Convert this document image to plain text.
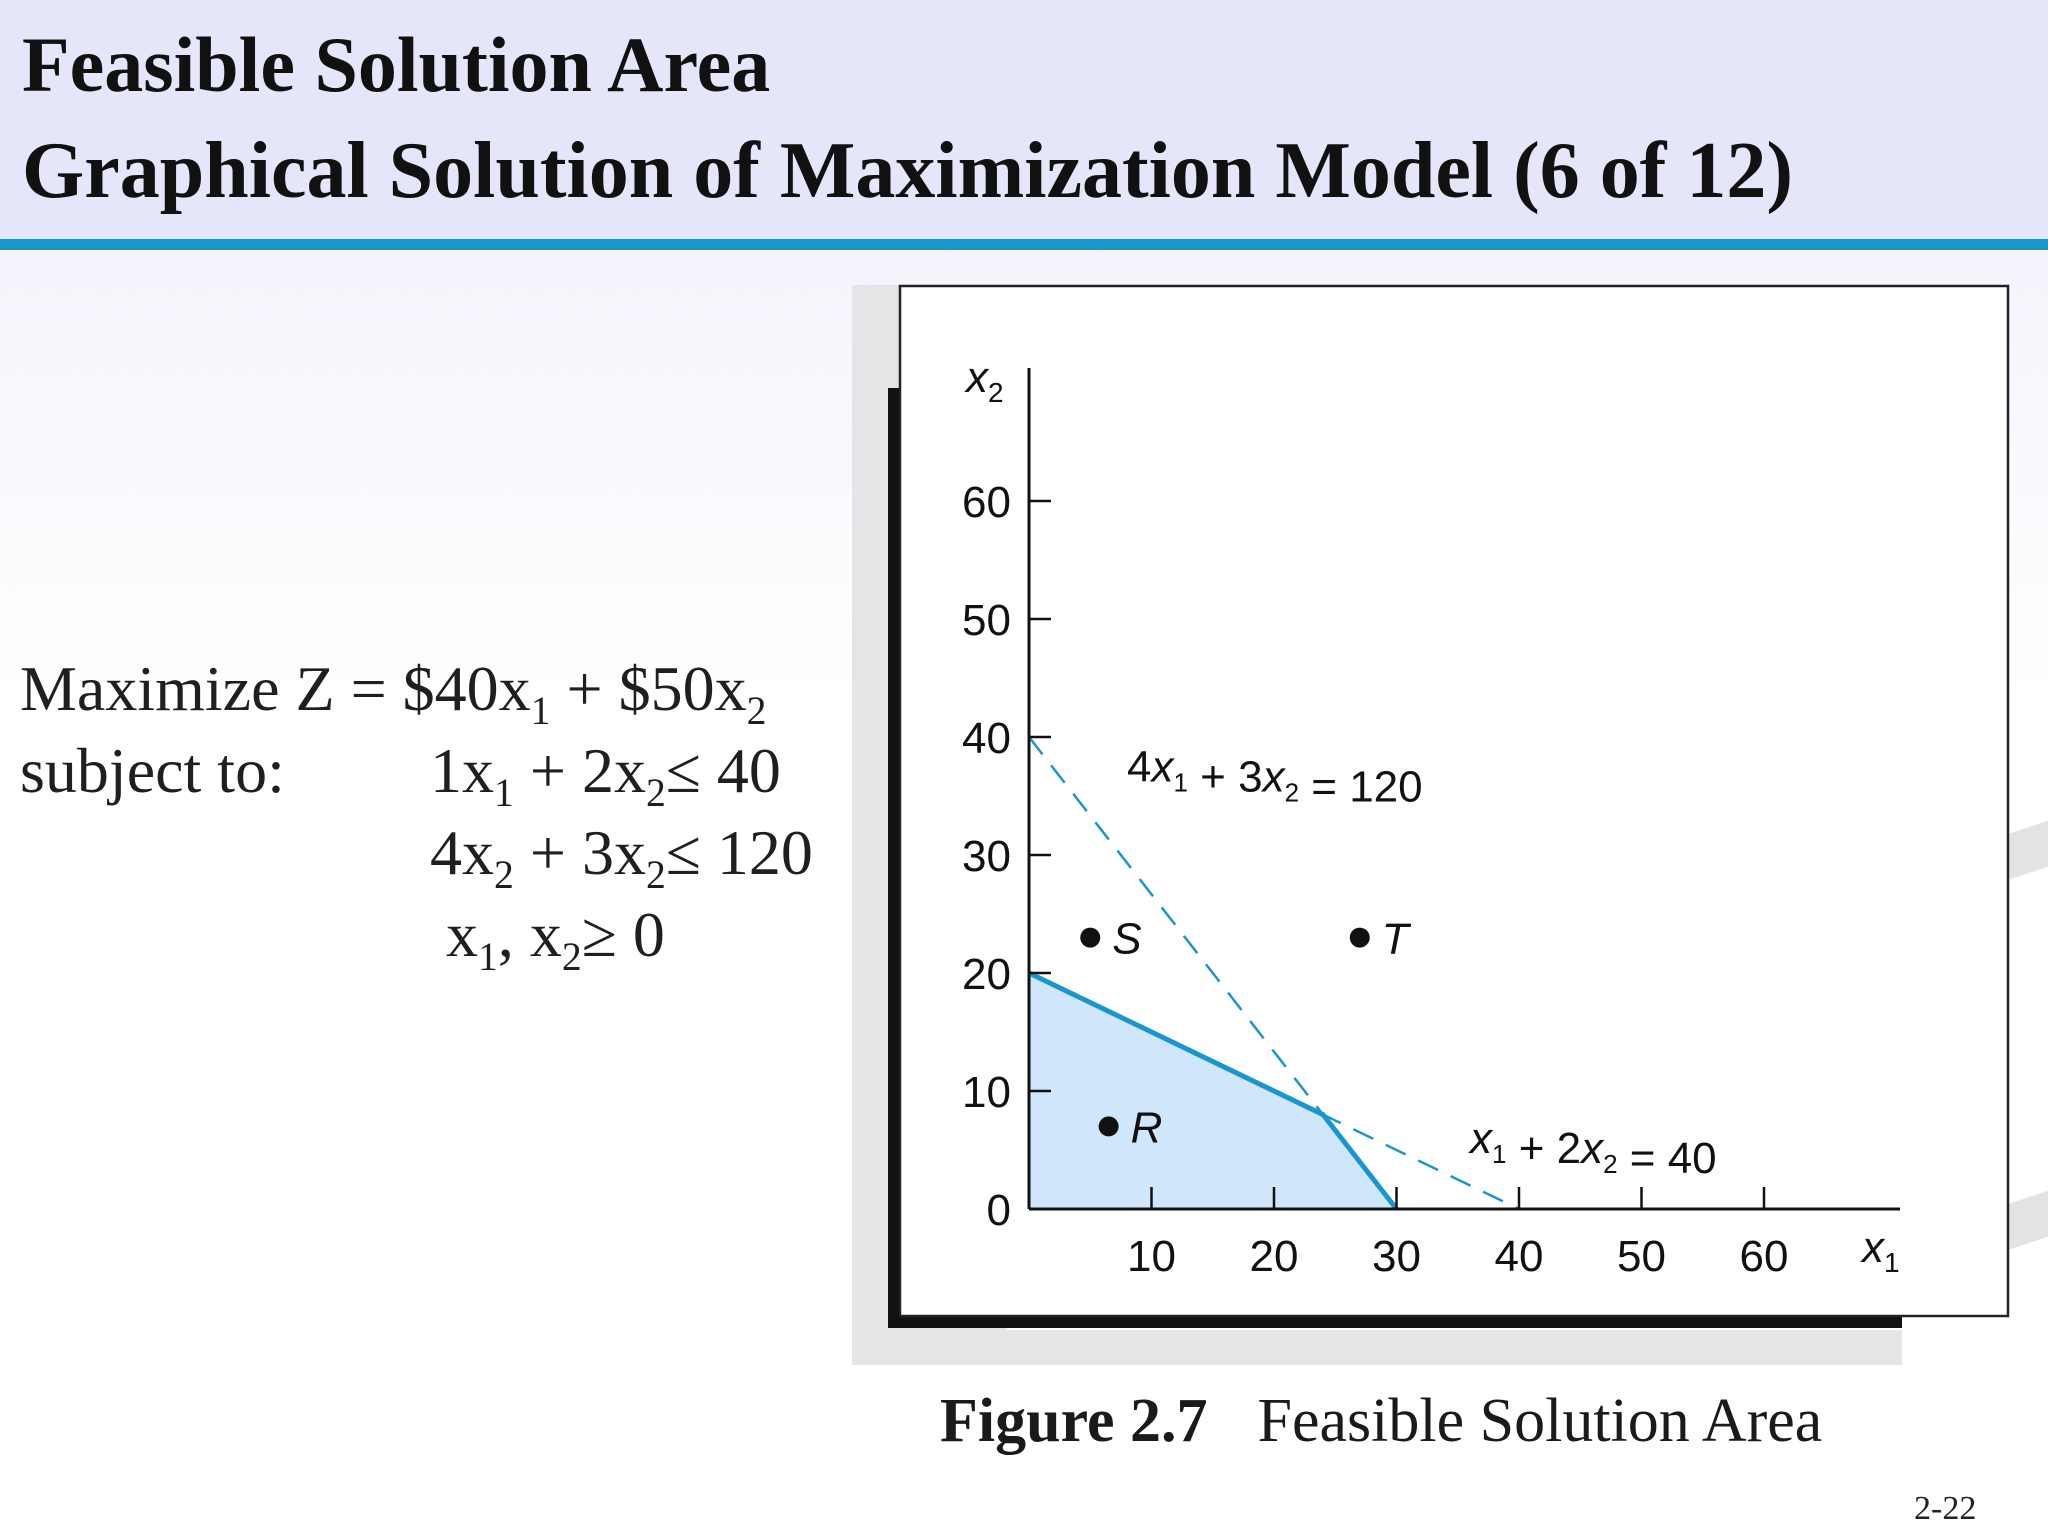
Feasible Solution Area

Graphical Solution of Maximization Model (6 of 12)

Maximize $Z = \$40x_1$ + $\$50x_2$
subject to: $1x_1 + 2x_2\le 40$
$4x_2 + 3x_2\le 120$
$x_1$, $x_2\ge 0$
10 20 30 40 50 60
0
10
20
30
40
50
60
$x_2$
$x_1$
$4x_1 + 3x_2 = 120$
$x_1 + 2x_2 = 40$
S	T
R
Figure 2.7 Feasible Solution Area
2-22
